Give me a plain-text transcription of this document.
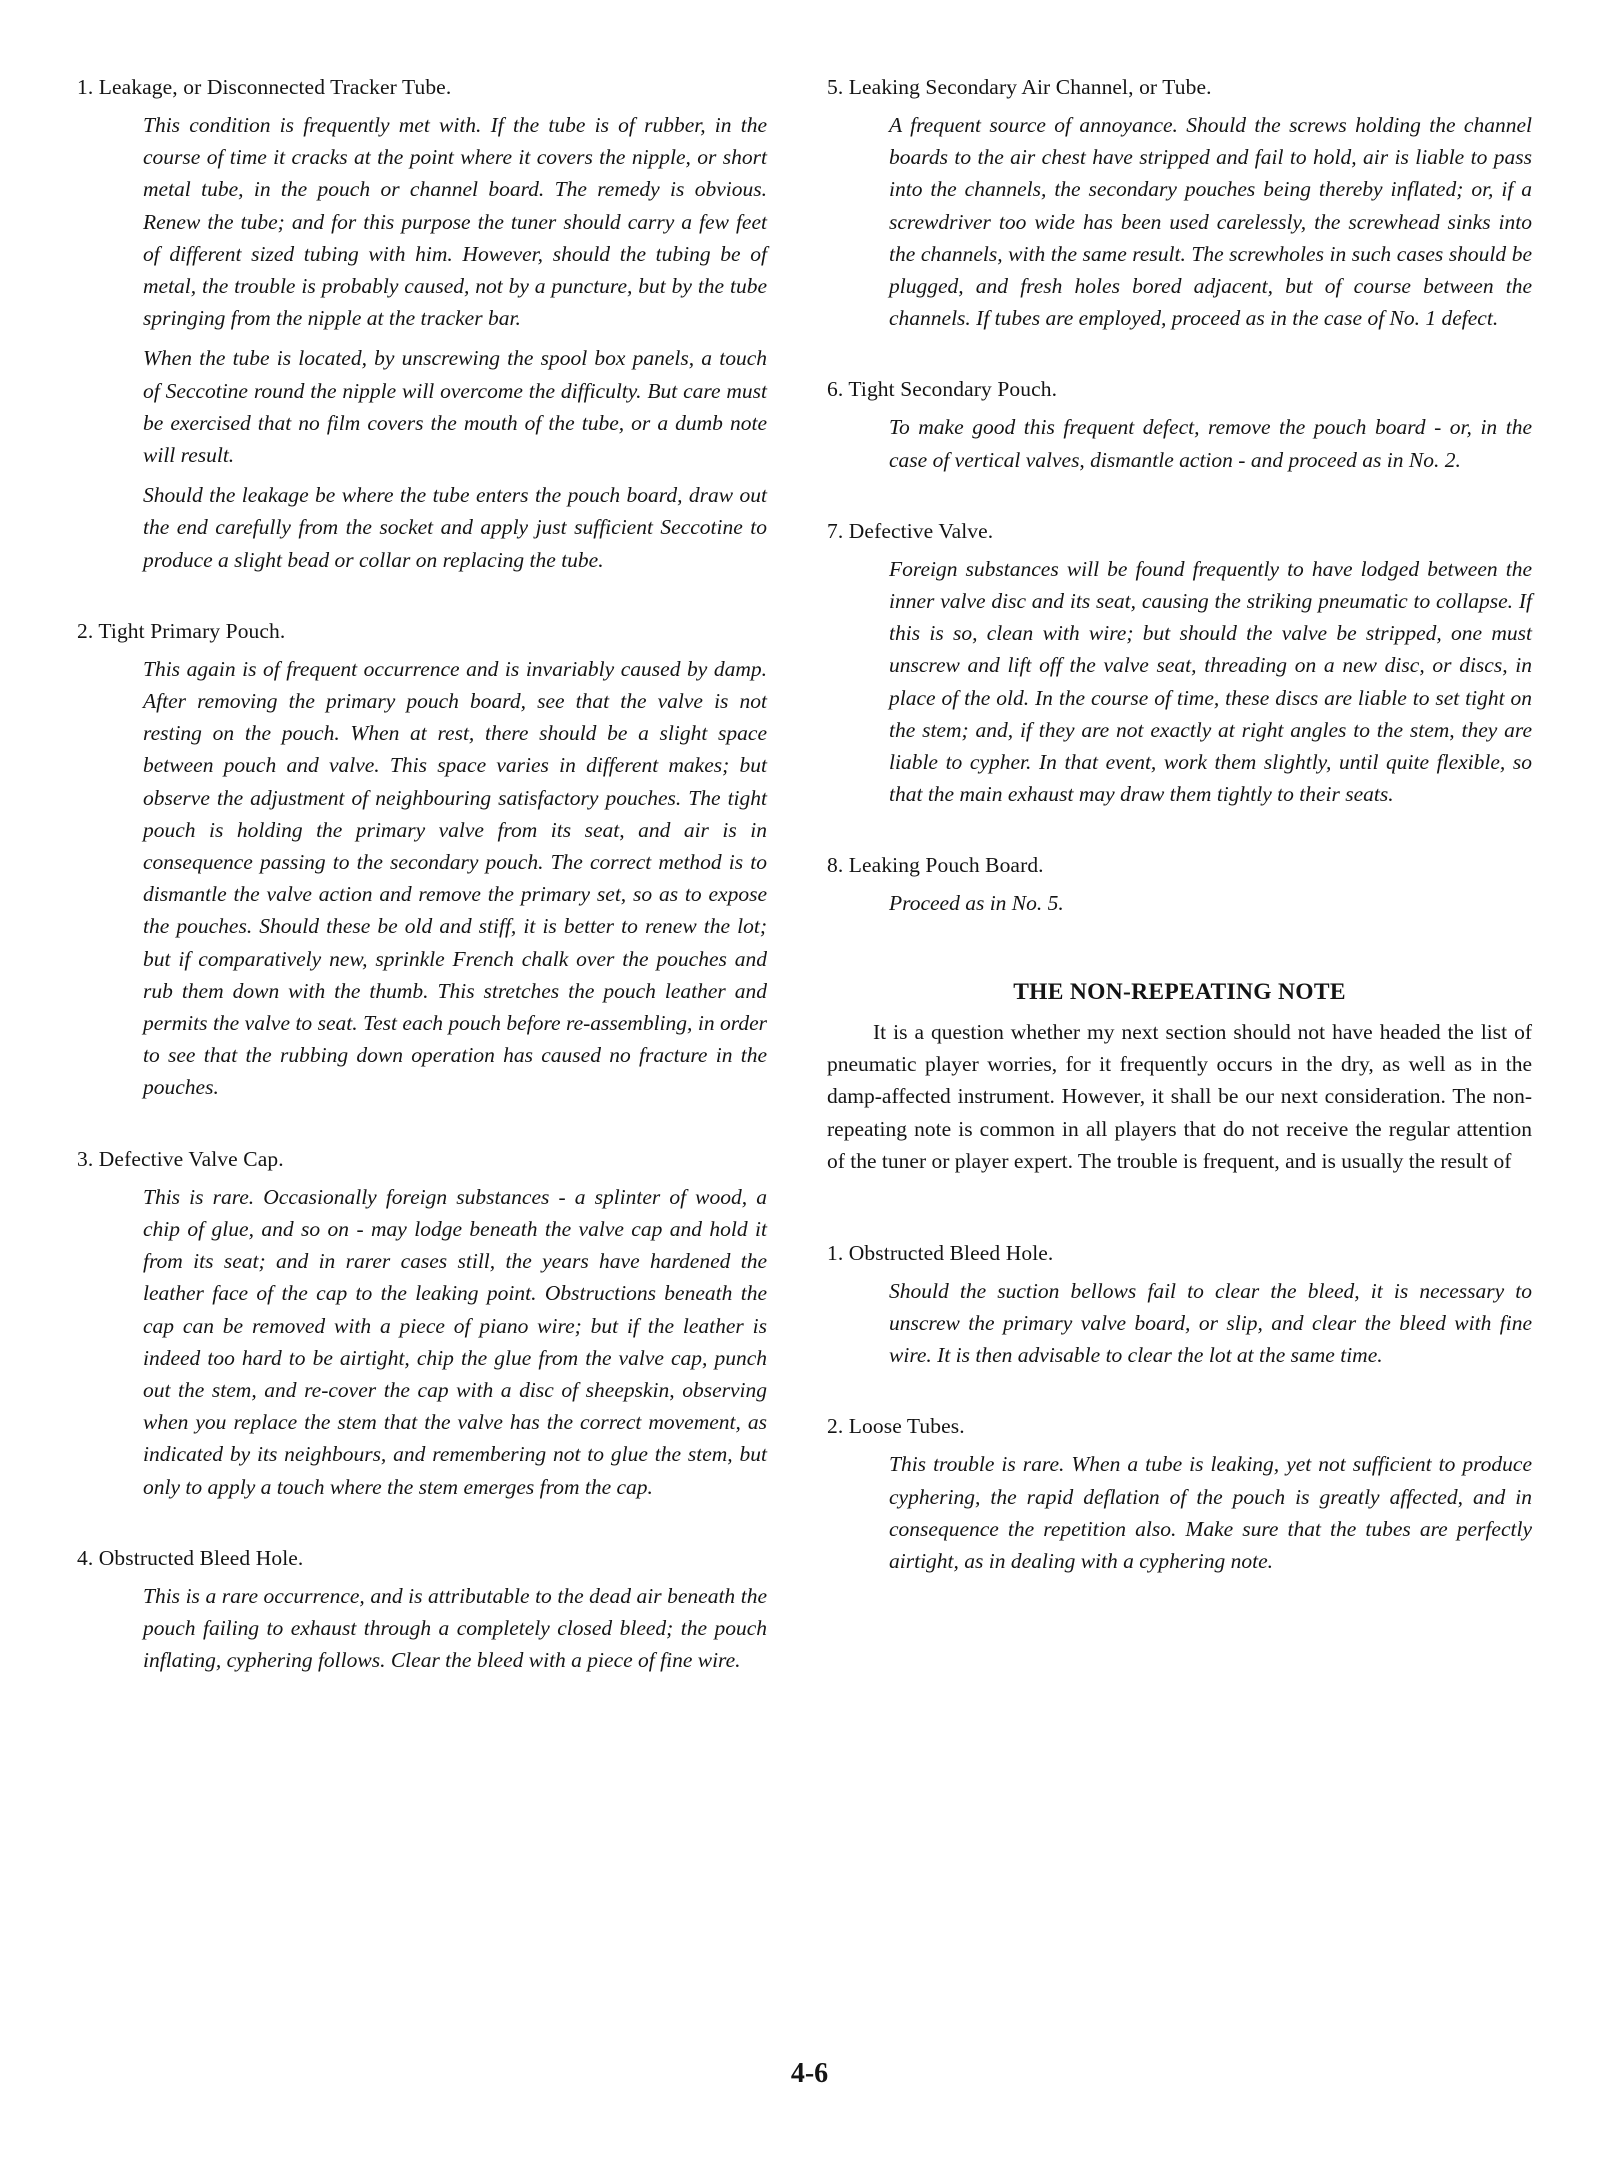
1. Leakage, or Disconnected Tracker Tube.

This condition is frequently met with. If the tube is of rubber, in the course of time it cracks at the point where it covers the nipple, or short metal tube, in the pouch or channel board. The remedy is obvious. Renew the tube; and for this purpose the tuner should carry a few feet of different sized tubing with him. However, should the tubing be of metal, the trouble is probably caused, not by a puncture, but by the tube springing from the nipple at the tracker bar.

When the tube is located, by unscrewing the spool box panels, a touch of Seccotine round the nipple will overcome the difficulty. But care must be exercised that no film covers the mouth of the tube, or a dumb note will result.

Should the leakage be where the tube enters the pouch board, draw out the end carefully from the socket and apply just sufficient Seccotine to produce a slight bead or collar on replacing the tube.

2. Tight Primary Pouch.

This again is of frequent occurrence and is invariably caused by damp. After removing the primary pouch board, see that the valve is not resting on the pouch. When at rest, there should be a slight space between pouch and valve. This space varies in different makes; but observe the adjustment of neighbouring satisfactory pouches. The tight pouch is holding the primary valve from its seat, and air is in consequence passing to the secondary pouch. The correct method is to dismantle the valve action and remove the primary set, so as to expose the pouches. Should these be old and stiff, it is better to renew the lot; but if comparatively new, sprinkle French chalk over the pouches and rub them down with the thumb. This stretches the pouch leather and permits the valve to seat. Test each pouch before re-assembling, in order to see that the rubbing down operation has caused no fracture in the pouches.

3. Defective Valve Cap.

This is rare. Occasionally foreign substances - a splinter of wood, a chip of glue, and so on - may lodge beneath the valve cap and hold it from its seat; and in rarer cases still, the years have hardened the leather face of the cap to the leaking point. Obstructions beneath the cap can be removed with a piece of piano wire; but if the leather is indeed too hard to be airtight, chip the glue from the valve cap, punch out the stem, and re-cover the cap with a disc of sheepskin, observing when you replace the stem that the valve has the correct movement, as indicated by its neighbours, and remembering not to glue the stem, but only to apply a touch where the stem emerges from the cap.

4. Obstructed Bleed Hole.

This is a rare occurrence, and is attributable to the dead air beneath the pouch failing to exhaust through a completely closed bleed; the pouch inflating, cyphering follows. Clear the bleed with a piece of fine wire.

5. Leaking Secondary Air Channel, or Tube.

A frequent source of annoyance. Should the screws holding the channel boards to the air chest have stripped and fail to hold, air is liable to pass into the channels, the secondary pouches being thereby inflated; or, if a screwdriver too wide has been used carelessly, the screwhead sinks into the channels, with the same result. The screwholes in such cases should be plugged, and fresh holes bored adjacent, but of course between the channels. If tubes are employed, proceed as in the case of No. 1 defect.

6. Tight Secondary Pouch.

To make good this frequent defect, remove the pouch board - or, in the case of vertical valves, dismantle action - and proceed as in No. 2.

7. Defective Valve.

Foreign substances will be found frequently to have lodged between the inner valve disc and its seat, causing the striking pneumatic to collapse. If this is so, clean with wire; but should the valve be stripped, one must unscrew and lift off the valve seat, threading on a new disc, or discs, in place of the old. In the course of time, these discs are liable to set tight on the stem; and, if they are not exactly at right angles to the stem, they are liable to cypher. In that event, work them slightly, until quite flexible, so that the main exhaust may draw them tightly to their seats.

8. Leaking Pouch Board.

Proceed as in No. 5.

THE NON-REPEATING NOTE

It is a question whether my next section should not have headed the list of pneumatic player worries, for it frequently occurs in the dry, as well as in the damp-affected instrument. However, it shall be our next consideration. The non-repeating note is common in all players that do not receive the regular attention of the tuner or player expert. The trouble is frequent, and is usually the result of

1. Obstructed Bleed Hole.

Should the suction bellows fail to clear the bleed, it is necessary to unscrew the primary valve board, or slip, and clear the bleed with fine wire. It is then advisable to clear the lot at the same time.

2. Loose Tubes.

This trouble is rare. When a tube is leaking, yet not sufficient to produce cyphering, the rapid deflation of the pouch is greatly affected, and in consequence the repetition also. Make sure that the tubes are perfectly airtight, as in dealing with a cyphering note.

4-6
